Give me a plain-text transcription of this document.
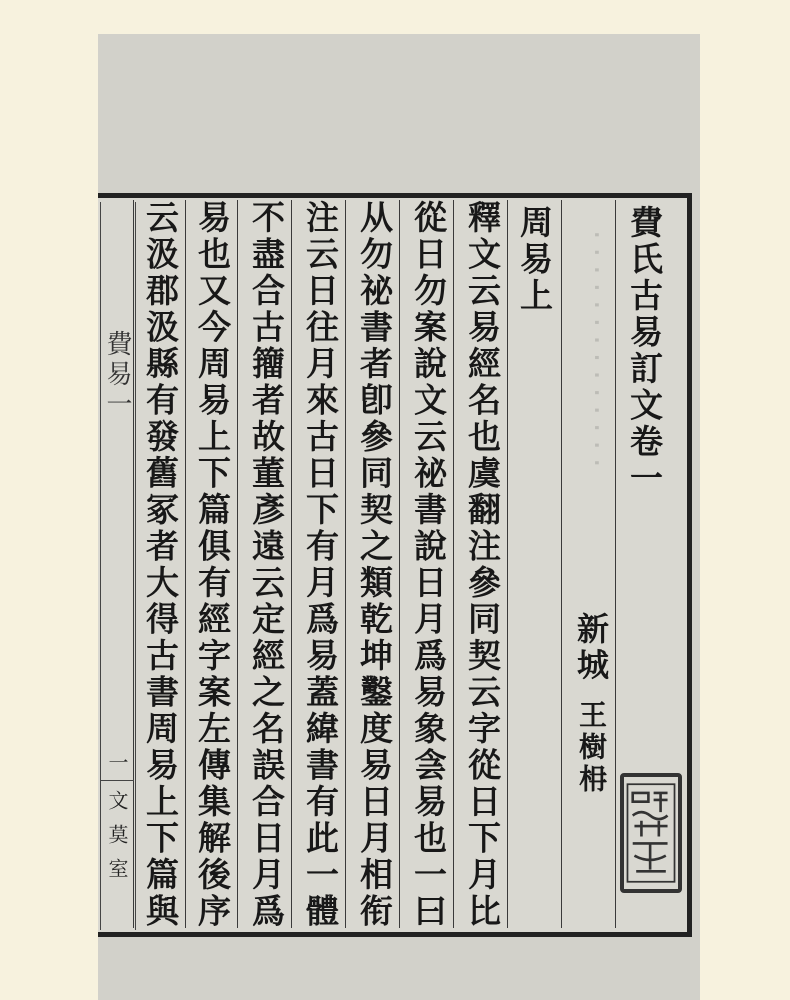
‧‧‧‧‧‧‧‧‧‧‧‧‧‧ 費氏古易訂文卷一
新城
王樹枏
周易上
釋文云易經名也虞翻注參同契云字從日下月比
從日勿案說文云祕書說日月爲易象侌易也一曰
从勿祕書者卽參同契之類乾坤鑿度易日月相衔
注云日往月來古日下有月爲易蓋緯書有此一體
不盡合古籒者故董彥遠云定經之名誤合日月爲
易也又今周易上下篇俱有經字案左傳集解後序
云汲郡汲縣有發舊冢者大得古書周易上下篇與
費易一
一
文莫室
